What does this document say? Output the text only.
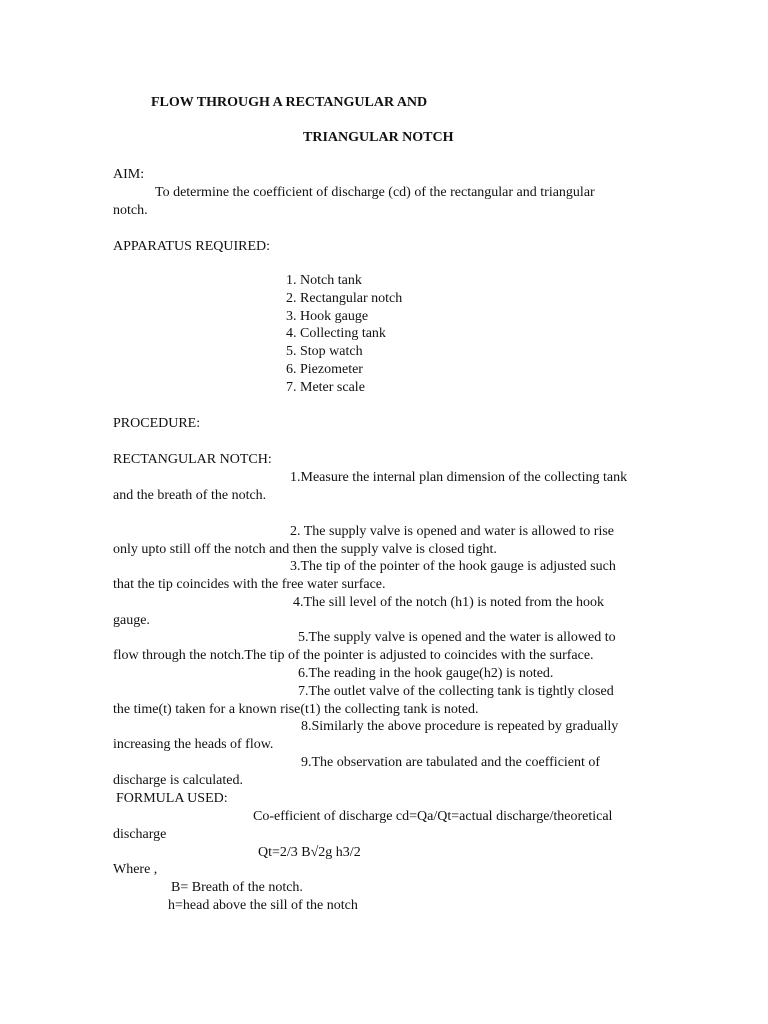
FLOW THROUGH A RECTANGULAR AND
TRIANGULAR NOTCH
AIM:
To determine the coefficient of discharge (cd) of the rectangular and triangular
notch.
APPARATUS REQUIRED:
1. Notch tank
2. Rectangular notch
3. Hook gauge
4. Collecting tank
5. Stop watch
6. Piezometer
7. Meter scale
PROCEDURE:
RECTANGULAR NOTCH:
1.Measure the internal plan dimension of the collecting tank
and the breath of the notch.
2. The supply valve is opened and water is allowed to rise
only upto still off the notch and then the supply valve is closed tight.
3.The tip of the pointer of the hook gauge is adjusted such
that the tip coincides with the free water surface.
4.The sill level of the notch (h1) is noted from the hook
gauge.
5.The supply valve is opened and the water is allowed to
flow through the notch.The tip of the pointer is adjusted to coincides with the surface.
6.The reading in the hook gauge(h2) is noted.
7.The outlet valve of the collecting tank is tightly closed
the time(t) taken for a known rise(t1) the collecting tank is noted.
8.Similarly the above procedure is repeated by gradually
increasing the heads of flow.
9.The observation are tabulated and the coefficient of
discharge is calculated.
FORMULA USED:
Co-efficient of discharge cd=Qa/Qt=actual discharge/theoretical
discharge
Qt=2/3 B√2g h3/2
Where ,
B= Breath of the notch.
h=head above the sill of the notch
